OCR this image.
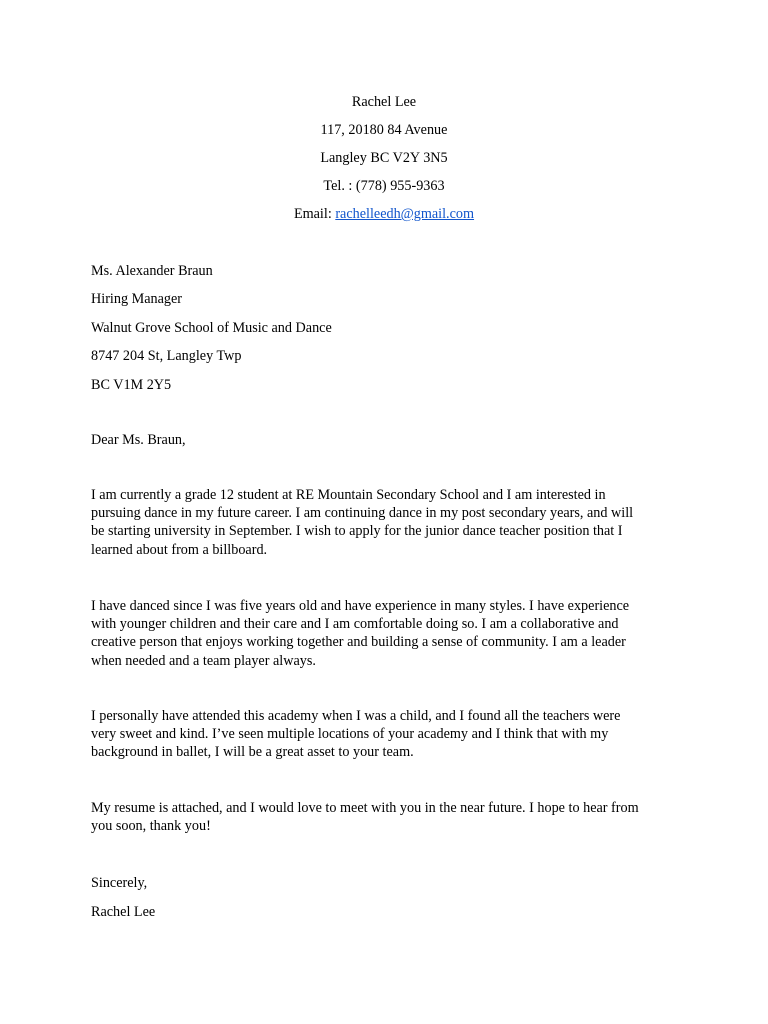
Rachel Lee
117, 20180 84 Avenue
Langley BC V2Y 3N5
Tel. : (778) 955-9363
Email: rachelleedh@gmail.com
Ms. Alexander Braun
Hiring Manager
Walnut Grove School of Music and Dance
8747 204 St, Langley Twp
BC V1M 2Y5
Dear Ms. Braun,
I am currently a grade 12 student at RE Mountain Secondary School and I am interested in
pursuing dance in my future career. I am continuing dance in my post secondary years, and will
be starting university in September. I wish to apply for the junior dance teacher position that I
learned about from a billboard.
I have danced since I was five years old and have experience in many styles. I have experience
with younger children and their care and I am comfortable doing so. I am a collaborative and
creative person that enjoys working together and building a sense of community. I am a leader
when needed and a team player always.
I personally have attended this academy when I was a child, and I found all the teachers were
very sweet and kind. I’ve seen multiple locations of your academy and I think that with my
background in ballet, I will be a great asset to your team.
My resume is attached, and I would love to meet with you in the near future. I hope to hear from
you soon, thank you!
Sincerely,
Rachel Lee
